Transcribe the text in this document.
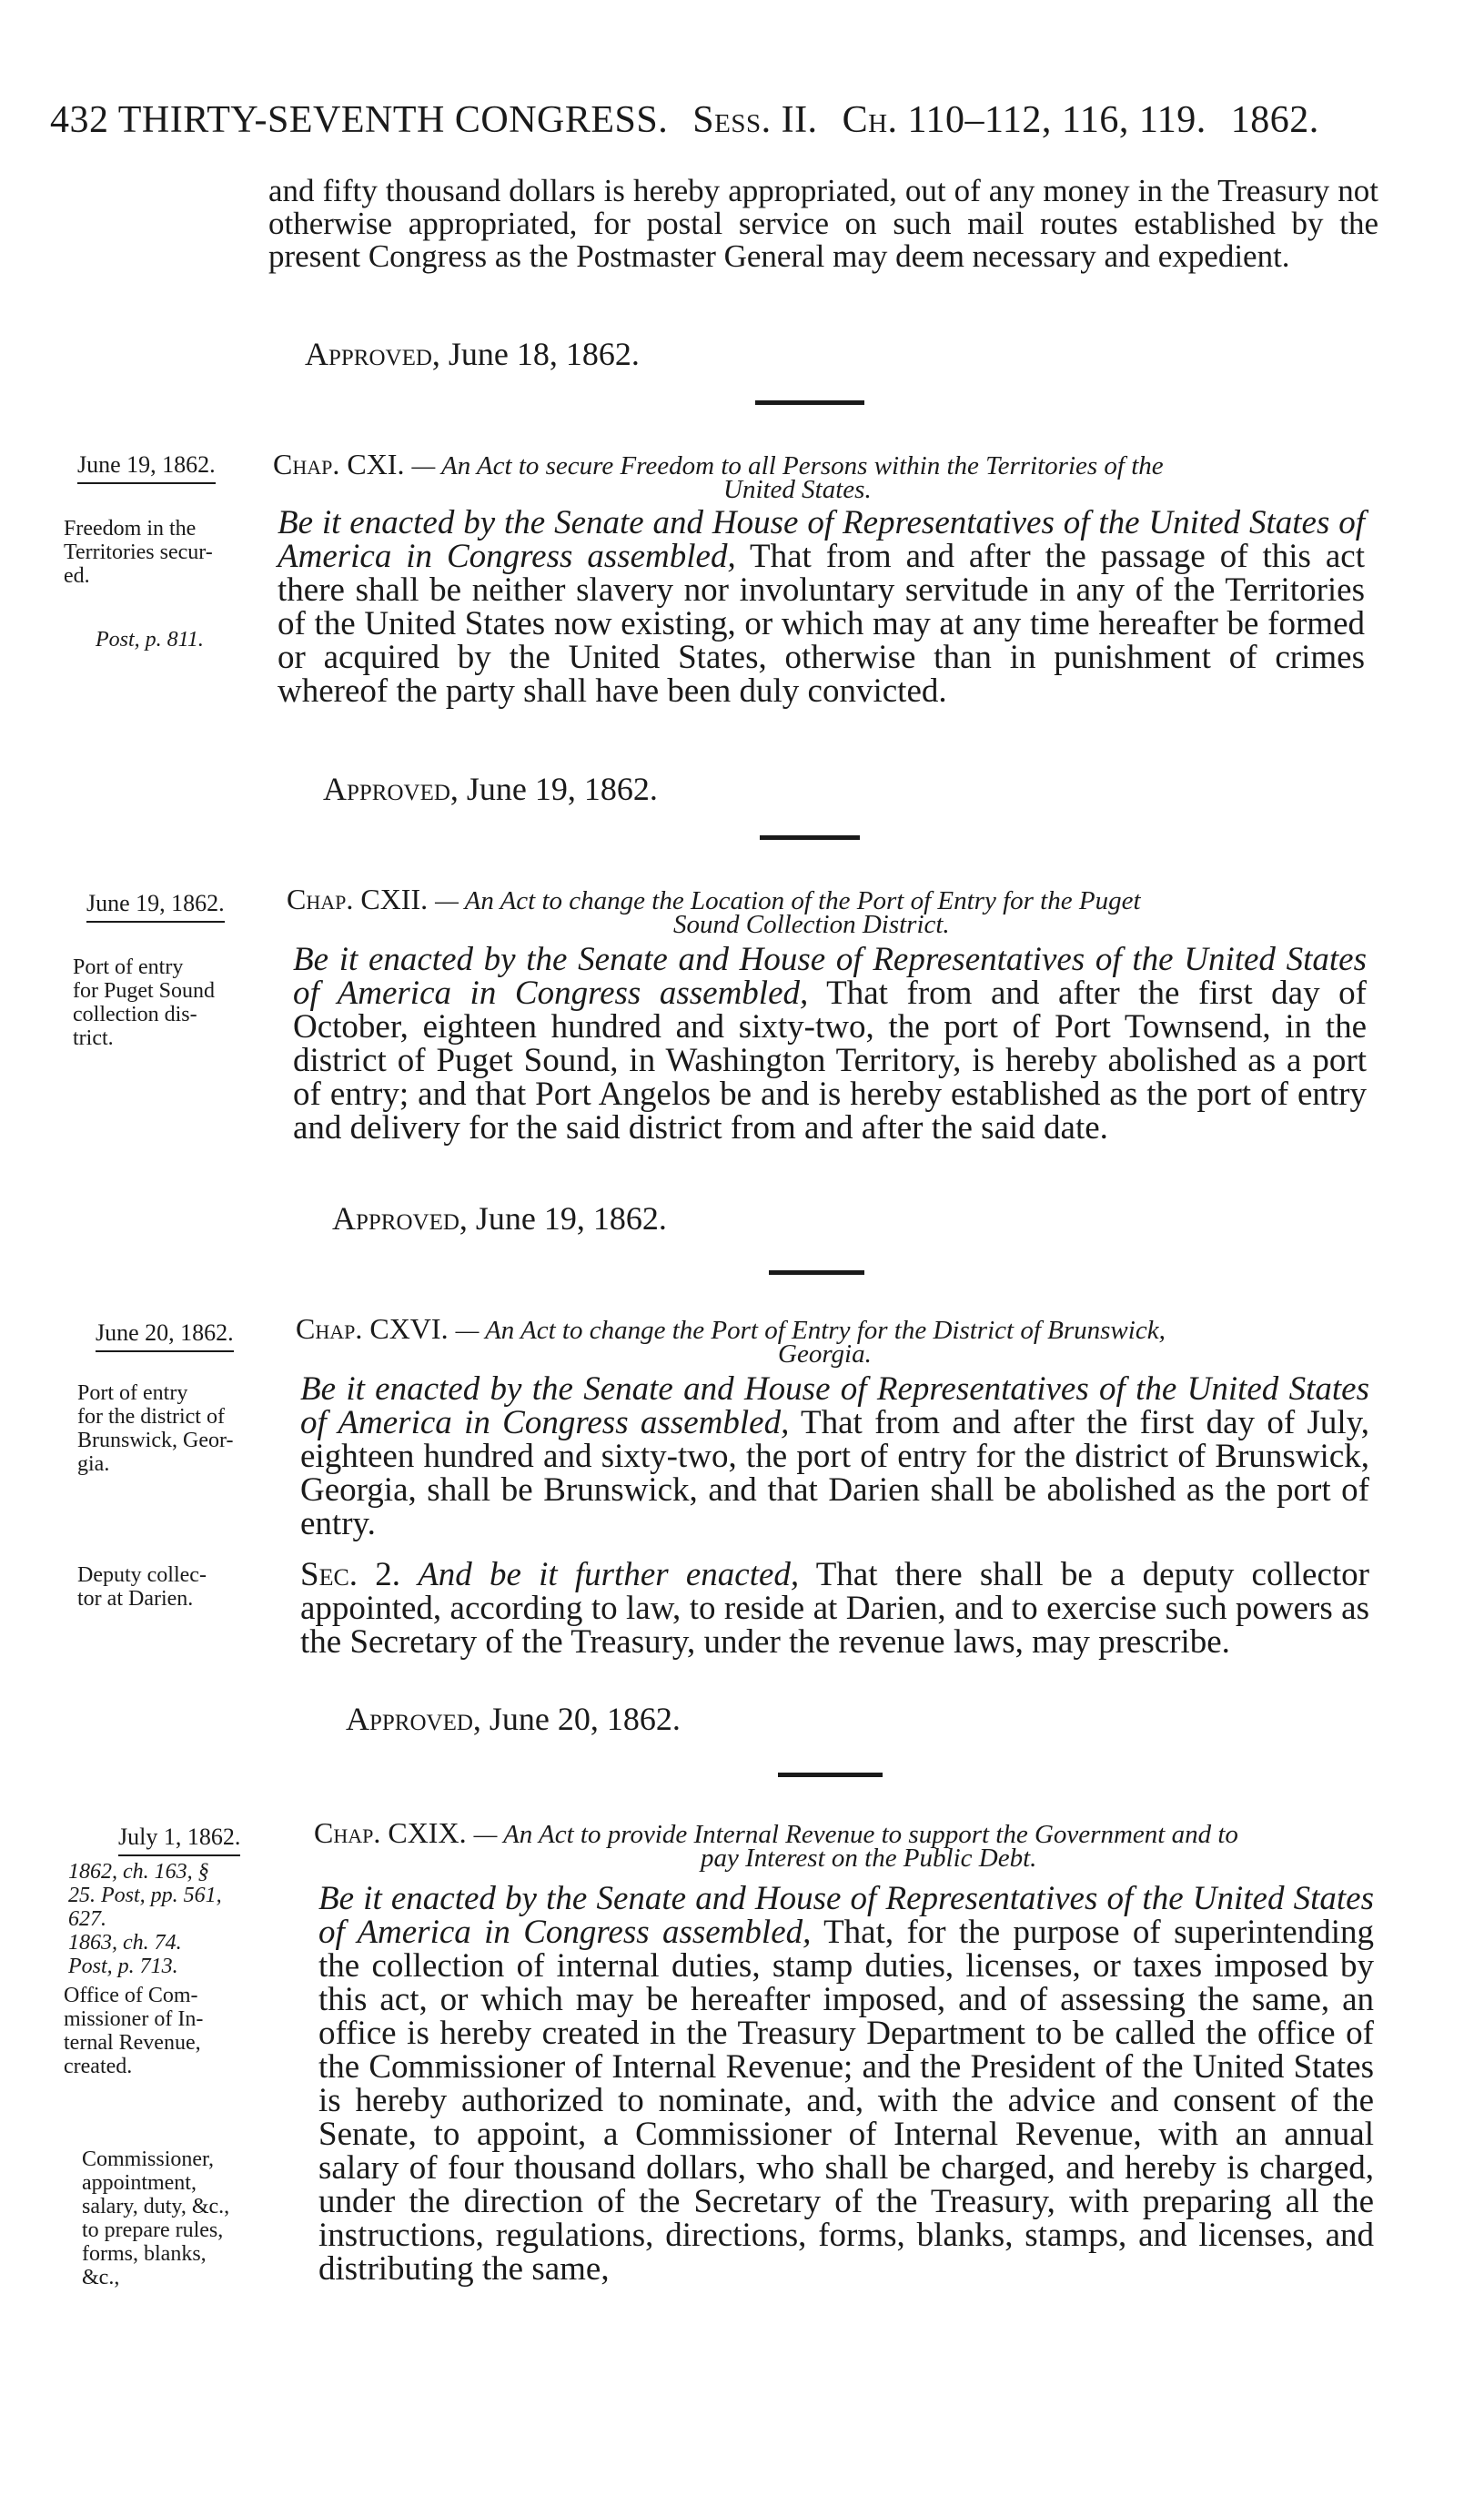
432 THIRTY-SEVENTH CONGRESS. Sess. II. Ch. 110–112, 116, 119. 1862.

and fifty thousand dollars is hereby appropriated, out of any money in the Treasury not otherwise appropriated, for postal service on such mail routes established by the present Congress as the Postmaster General may deem necessary and expedient.

Approved, June 18, 1862.
June 19, 1862. Chap. CXI. — An Act to secure Freedom to all Persons within the Territories of the
United States.
Freedom in the
Territories secur-
ed.
Post, p. 811.
Be it enacted by the Senate and House of Representatives of the United States of America in Congress assembled, That from and after the passage of this act there shall be neither slavery nor involuntary servitude in any of the Territories of the United States now existing, or which may at any time hereafter be formed or acquired by the United States, otherwise than in punishment of crimes whereof the party shall have been duly convicted.
Approved, June 19, 1862.
June 19, 1862. Chap. CXII. — An Act to change the Location of the Port of Entry for the Puget
Sound Collection District.
Port of entry
for Puget Sound
collection dis-
trict.
Be it enacted by the Senate and House of Representatives of the United States of America in Congress assembled, That from and after the first day of October, eighteen hundred and sixty-two, the port of Port Townsend, in the district of Puget Sound, in Washington Territory, is hereby abolished as a port of entry; and that Port Angelos be and is hereby established as the port of entry and delivery for the said district from and after the said date.
Approved, June 19, 1862.
June 20, 1862. Chap. CXVI. — An Act to change the Port of Entry for the District of Brunswick,
Georgia.
Port of entry
for the district of
Brunswick, Geor-
gia.
Be it enacted by the Senate and House of Representatives of the United States of America in Congress assembled, That from and after the first day of July, eighteen hundred and sixty-two, the port of entry for the district of Brunswick, Georgia, shall be Brunswick, and that Darien shall be abolished as the port of entry.
Deputy collec-
tor at Darien.
Sec. 2. And be it further enacted, That there shall be a deputy collector appointed, according to law, to reside at Darien, and to exercise such powers as the Secretary of the Treasury, under the revenue laws, may prescribe.
Approved, June 20, 1862.
July 1, 1862.	Chap. CXIX. — An Act to provide Internal Revenue to support the Government and to
pay Interest on the Public Debt.
1862, ch. 163, §
25. Post, pp. 561,
627.
1863, ch. 74.
Post, p. 713.
Office of Com-
missioner of In-
ternal Revenue,
created.
Commissioner,
appointment,
salary, duty, &c.,
to prepare rules,
forms, blanks,
&c.,
Be it enacted by the Senate and House of Representatives of the United States of America in Congress assembled, That, for the purpose of superintending the collection of internal duties, stamp duties, licenses, or taxes imposed by this act, or which may be hereafter imposed, and of assessing the same, an office is hereby created in the Treasury Department to be called the office of the Commissioner of Internal Revenue; and the President of the United States is hereby authorized to nominate, and, with the advice and consent of the Senate, to appoint, a Commissioner of Internal Revenue, with an annual salary of four thousand dollars, who shall be charged, and hereby is charged, under the direction of the Secretary of the Treasury, with preparing all the instructions, regulations, directions, forms, blanks, stamps, and licenses, and distributing the same,
